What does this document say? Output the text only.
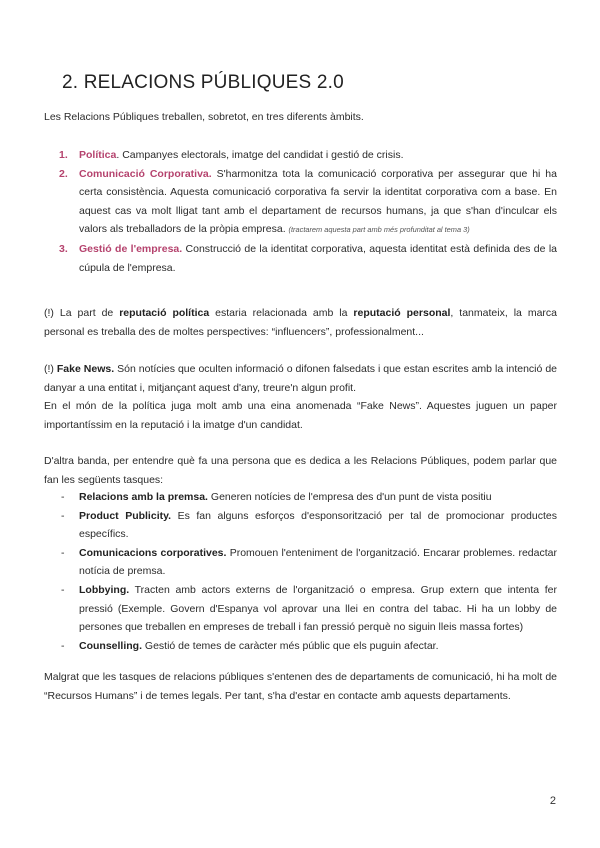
2. RELACIONS PÚBLIQUES 2.0
Les Relacions Públiques treballen, sobretot, en tres diferents àmbits.
1. Política. Campanyes electorals, imatge del candidat i gestió de crisis.
2. Comunicació Corporativa. S'harmonitza tota la comunicació corporativa per assegurar que hi ha certa consistència. Aquesta comunicació corporativa fa servir la identitat corporativa com a base. En aquest cas va molt lligat tant amb el departament de recursos humans, ja que s'han d'inculcar els valors als treballadors de la pròpia empresa. (tractarem aquesta part amb més profunditat al tema 3)
3. Gestió de l'empresa. Construcció de la identitat corporativa, aquesta identitat està definida des de la cúpula de l'empresa.
(!) La part de reputació política estaria relacionada amb la reputació personal, tanmateix, la marca personal es treballa des de moltes perspectives: “influencers”, professionalment...
(!) Fake News. Són notícies que oculten informació o difonen falsedats i que estan escrites amb la intenció de danyar a una entitat i, mitjançant aquest d'any, treure'n algun profit.
En el món de la política juga molt amb una eina anomenada “Fake News”. Aquestes juguen un paper importantíssim en la reputació i la imatge d'un candidat.
D'altra banda, per entendre què fa una persona que es dedica a les Relacions Públiques, podem parlar que fan les següents tasques:
- Relacions amb la premsa. Generen notícies de l'empresa des d'un punt de vista positiu
- Product Publicity. Es fan alguns esforços d'esponsorització per tal de promocionar productes específics.
- Comunicacions corporatives. Promouen l'enteniment de l'organització. Encarar problemes. redactar notícia de premsa.
- Lobbying. Tracten amb actors externs de l'organització o empresa. Grup extern que intenta fer pressió (Exemple. Govern d'Espanya vol aprovar una llei en contra del tabac. Hi ha un lobby de persones que treballen en empreses de treball i fan pressió perquè no siguin lleis massa fortes)
- Counselling. Gestió de temes de caràcter més públic que els puguin afectar.
Malgrat que les tasques de relacions públiques s'entenen des de departaments de comunicació, hi ha molt de “Recursos Humans” i de temes legals. Per tant, s'ha d'estar en contacte amb aquests departaments.
2
